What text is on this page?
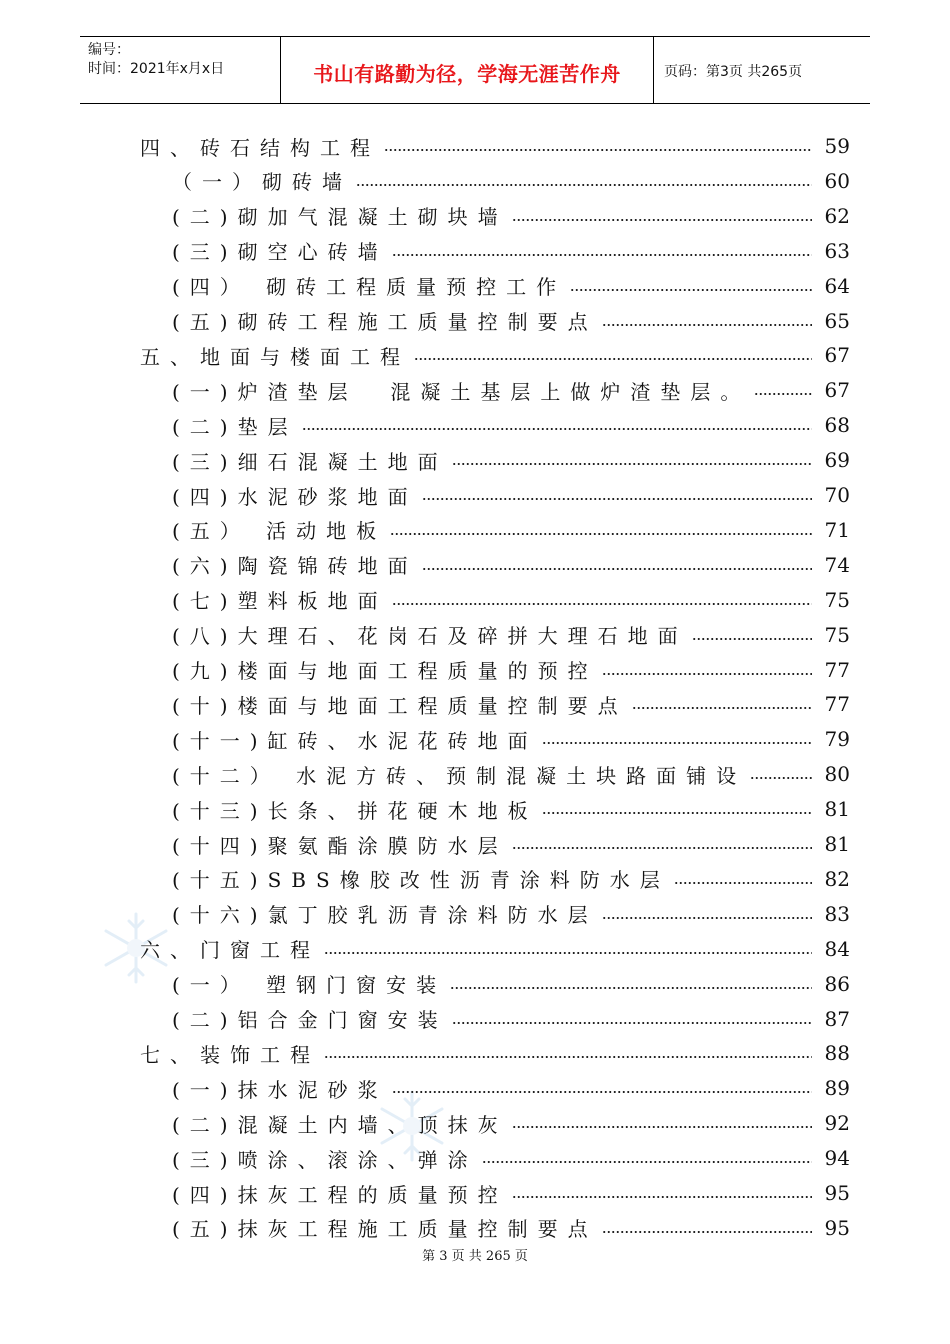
编号：
时间：2021年x月x日	书山有路勤为径，学海无涯苦作舟	页码：第3页 共265页
四、砖石结构工程	59
（一）砌砖墙	60
(二)砌加气混凝土砌块墙	62
(三)砌空心砖墙	63
(四） 砌砖工程质量预控工作	64
(五)砌砖工程施工质量控制要点	65
五、地面与楼面工程	67
(一)炉渣垫层  混凝土基层上做炉渣垫层。	67
(二)垫层	68
(三)细石混凝土地面	69
(四)水泥砂浆地面	70
(五） 活动地板	71
(六)陶瓷锦砖地面	74
(七)塑料板地面	75
(八)大理石、花岗石及碎拼大理石地面	75
(九)楼面与地面工程质量的预控	77
(十)楼面与地面工程质量控制要点	77
(十一)缸砖、水泥花砖地面	79
(十二） 水泥方砖、预制混凝土块路面铺设	80
(十三)长条、拼花硬木地板	81
(十四)聚氨酯涂膜防水层	81
(十五)SBS橡胶改性沥青涂料防水层	82
(十六)氯丁胶乳沥青涂料防水层	83
六、门窗工程	84
(一） 塑钢门窗安装	86
(二)铝合金门窗安装	87
七、装饰工程	88
(一)抹水泥砂浆	89
(二)混凝土内墙、顶抹灰	92
(三)喷涂、滚涂、弹涂	94
(四)抹灰工程的质量预控	95
(五)抹灰工程施工质量控制要点	95
第 3 页 共 265 页
